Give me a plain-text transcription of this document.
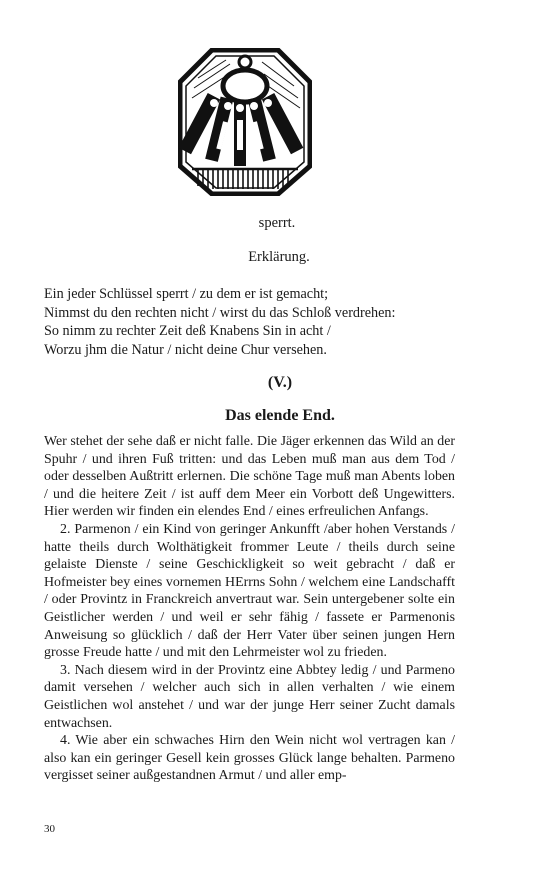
sperrt.
Erklärung.
Ein jeder Schlüssel sperrt / zu dem er ist gemacht;
Nimmst du den rechten nicht / wirst du das Schloß verdrehen:
So nimm zu rechter Zeit deß Knabens Sin in acht /
Worzu jhm die Natur / nicht deine Chur versehen.
(V.)
Das elende End.

Wer stehet der sehe daß er nicht falle. Die Jäger erkennen das Wild an der Spuhr / und ihren Fuß tritten: und das Leben muß man aus dem Tod / oder desselben Außtritt erlernen. Die schöne Tage muß man Abents loben / und die heitere Zeit / ist auff dem Meer ein Vorbott deß Ungewitters. Hier werden wir finden ein elendes End / eines erfreulichen Anfangs.

2. Parmenon / ein Kind von geringer Ankunfft /aber hohen Verstands / hatte theils durch Wolthätigkeit frommer Leute / theils durch seine gelaiste Dienste / seine Geschickligkeit so weit gebracht / daß er Hofmeister bey eines vornemen HErrns Sohn / welchem eine Landschafft / oder Provintz in Franckreich anvertraut war. Sein untergebener solte ein Geistlicher werden / und weil er sehr fähig / fassete er Parmenonis Anweisung so glücklich / daß der Herr Vater über seinen jungen Hern grosse Freude hatte / und mit den Lehrmeister wol zu frieden.

3. Nach diesem wird in der Provintz eine Abbtey ledig / und Parmeno damit versehen / welcher auch sich in allen verhalten / wie einem Geistlichen wol anstehet / und war der junge Herr seiner Zucht damals entwachsen.

4. Wie aber ein schwaches Hirn den Wein nicht wol vertragen kan / also kan ein geringer Gesell kein grosses Glück lange behalten. Parmeno vergisset seiner außgestandnen Armut / und aller emp-

30
